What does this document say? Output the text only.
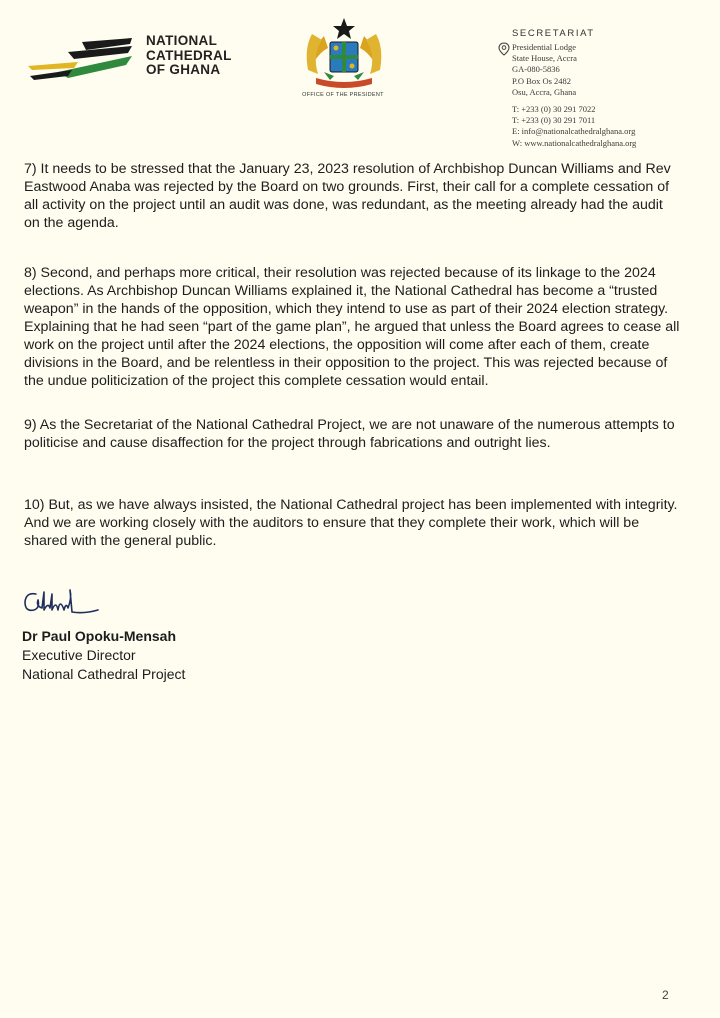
NATIONAL
CATHEDRAL
OF GHANA
OFFICE OF THE PRESIDENT
SECRETARIAT
Presidential Lodge
State House, Accra
GA-080-5836
P.O Box Os 2482
Osu, Accra, Ghana
T: +233 (0) 30 291 7022
T: +233 (0) 30 291 7011
E: info@nationalcathedralghana.org
W: www.nationalcathedralghana.org

7) It needs to be stressed that the January 23, 2023 resolution of Archbishop Duncan Williams and Rev Eastwood Anaba was rejected by the Board on two grounds. First, their call for a complete cessation of all activity on the project until an audit was done, was redundant, as the meeting already had the audit on the agenda.

8) Second, and perhaps more critical, their resolution was rejected because of its linkage to the 2024 elections. As Archbishop Duncan Williams explained it, the National Cathedral has become a “trusted weapon” in the hands of the opposition, which they intend to use as part of their 2024 election strategy. Explaining that he had seen “part of the game plan”, he argued that unless the Board agrees to cease all work on the project until after the 2024 elections, the opposition will come after each of them, create divisions in the Board, and be relentless in their opposition to the project. This was rejected because of the undue politicization of the project this complete cessation would entail.

9) As the Secretariat of the National Cathedral Project, we are not unaware of the numerous attempts to politicise and cause disaffection for the project through fabrications and outright lies.

10) But, as we have always insisted, the National Cathedral project has been implemented with integrity. And we are working closely with the auditors to ensure that they complete their work, which will be shared with the general public.

Dr Paul Opoku-Mensah
Executive Director
National Cathedral Project
2
